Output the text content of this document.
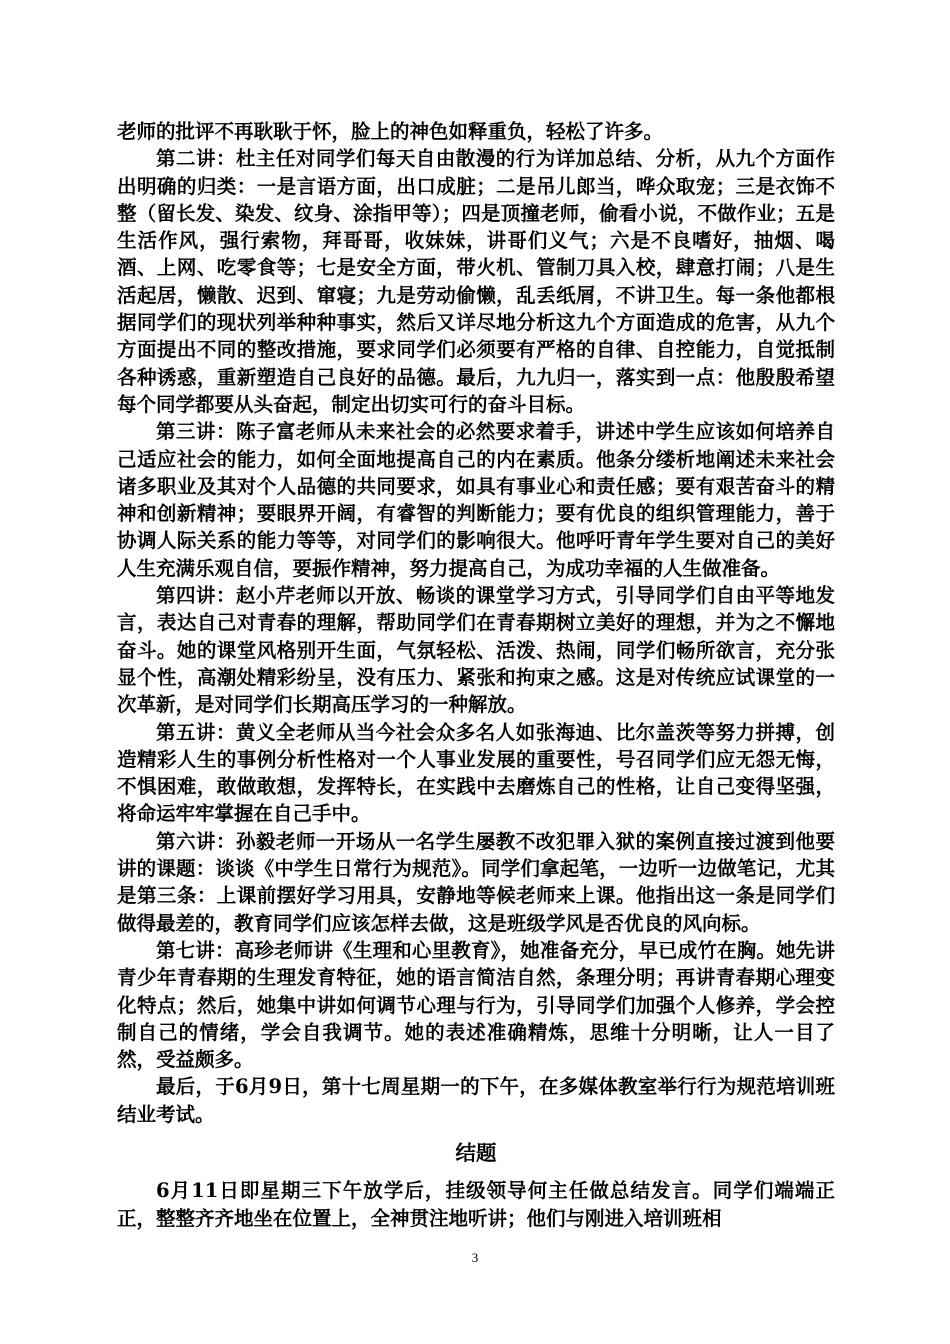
老师的批评不再耿耿于怀，脸上的神色如释重负，轻松了许多。

第二讲：杜主任对同学们每天自由散漫的行为详加总结、分析，从九个方面作出明确的归类：一是言语方面，出口成脏；二是吊儿郎当，哗众取宠；三是衣饰不整（留长发、染发、纹身、涂指甲等）；四是顶撞老师，偷看小说，不做作业；五是生活作风，强行索物，拜哥哥，收妹妹，讲哥们义气；六是不良嗜好，抽烟、喝酒、上网、吃零食等；七是安全方面，带火机、管制刀具入校，肆意打闹；八是生活起居，懒散、迟到、窜寝；九是劳动偷懒，乱丢纸屑，不讲卫生。每一条他都根据同学们的现状列举种种事实，然后又详尽地分析这九个方面造成的危害，从九个方面提出不同的整改措施，要求同学们必须要有严格的自律、自控能力，自觉抵制各种诱惑，重新塑造自己良好的品德。最后，九九归一，落实到一点：他殷殷希望每个同学都要从头奋起，制定出切实可行的奋斗目标。

第三讲：陈子富老师从未来社会的必然要求着手，讲述中学生应该如何培养自己适应社会的能力，如何全面地提高自己的内在素质。他条分缕析地阐述未来社会诸多职业及其对个人品德的共同要求，如具有事业心和责任感；要有艰苦奋斗的精神和创新精神；要眼界开阔，有睿智的判断能力；要有优良的组织管理能力，善于协调人际关系的能力等等，对同学们的影响很大。他呼吁青年学生要对自己的美好人生充满乐观自信，要振作精神，努力提高自己，为成功幸福的人生做准备。

第四讲：赵小芹老师以开放、畅谈的课堂学习方式，引导同学们自由平等地发言，表达自己对青春的理解，帮助同学们在青春期树立美好的理想，并为之不懈地奋斗。她的课堂风格别开生面，气氛轻松、活泼、热闹，同学们畅所欲言，充分张显个性，高潮处精彩纷呈，没有压力、紧张和拘束之感。这是对传统应试课堂的一次革新，是对同学们长期高压学习的一种解放。

第五讲：黄义全老师从当今社会众多名人如张海迪、比尔盖茨等努力拼搏，创造精彩人生的事例分析性格对一个人事业发展的重要性，号召同学们应无怨无悔，不惧困难，敢做敢想，发挥特长，在实践中去磨炼自己的性格，让自己变得坚强，将命运牢牢掌握在自己手中。

第六讲：孙毅老师一开场从一名学生屡教不改犯罪入狱的案例直接过渡到他要讲的课题：谈谈《中学生日常行为规范》。同学们拿起笔，一边听一边做笔记，尤其是第三条：上课前摆好学习用具，安静地等候老师来上课。他指出这一条是同学们做得最差的，教育同学们应该怎样去做，这是班级学风是否优良的风向标。

第七讲：高珍老师讲《生理和心里教育》，她准备充分，早已成竹在胸。她先讲青少年青春期的生理发育特征，她的语言简洁自然，条理分明；再讲青春期心理变化特点；然后，她集中讲如何调节心理与行为，引导同学们加强个人修养，学会控制自己的情绪，学会自我调节。她的表述准确精炼，思维十分明晰，让人一目了然，受益颇多。

最后，于6月9日，第十七周星期一的下午，在多媒体教室举行行为规范培训班结业考试。

结题

6月11日即星期三下午放学后，挂级领导何主任做总结发言。同学们端端正正，整整齐齐地坐在位置上，全神贯注地听讲；他们与刚进入培训班相

3
